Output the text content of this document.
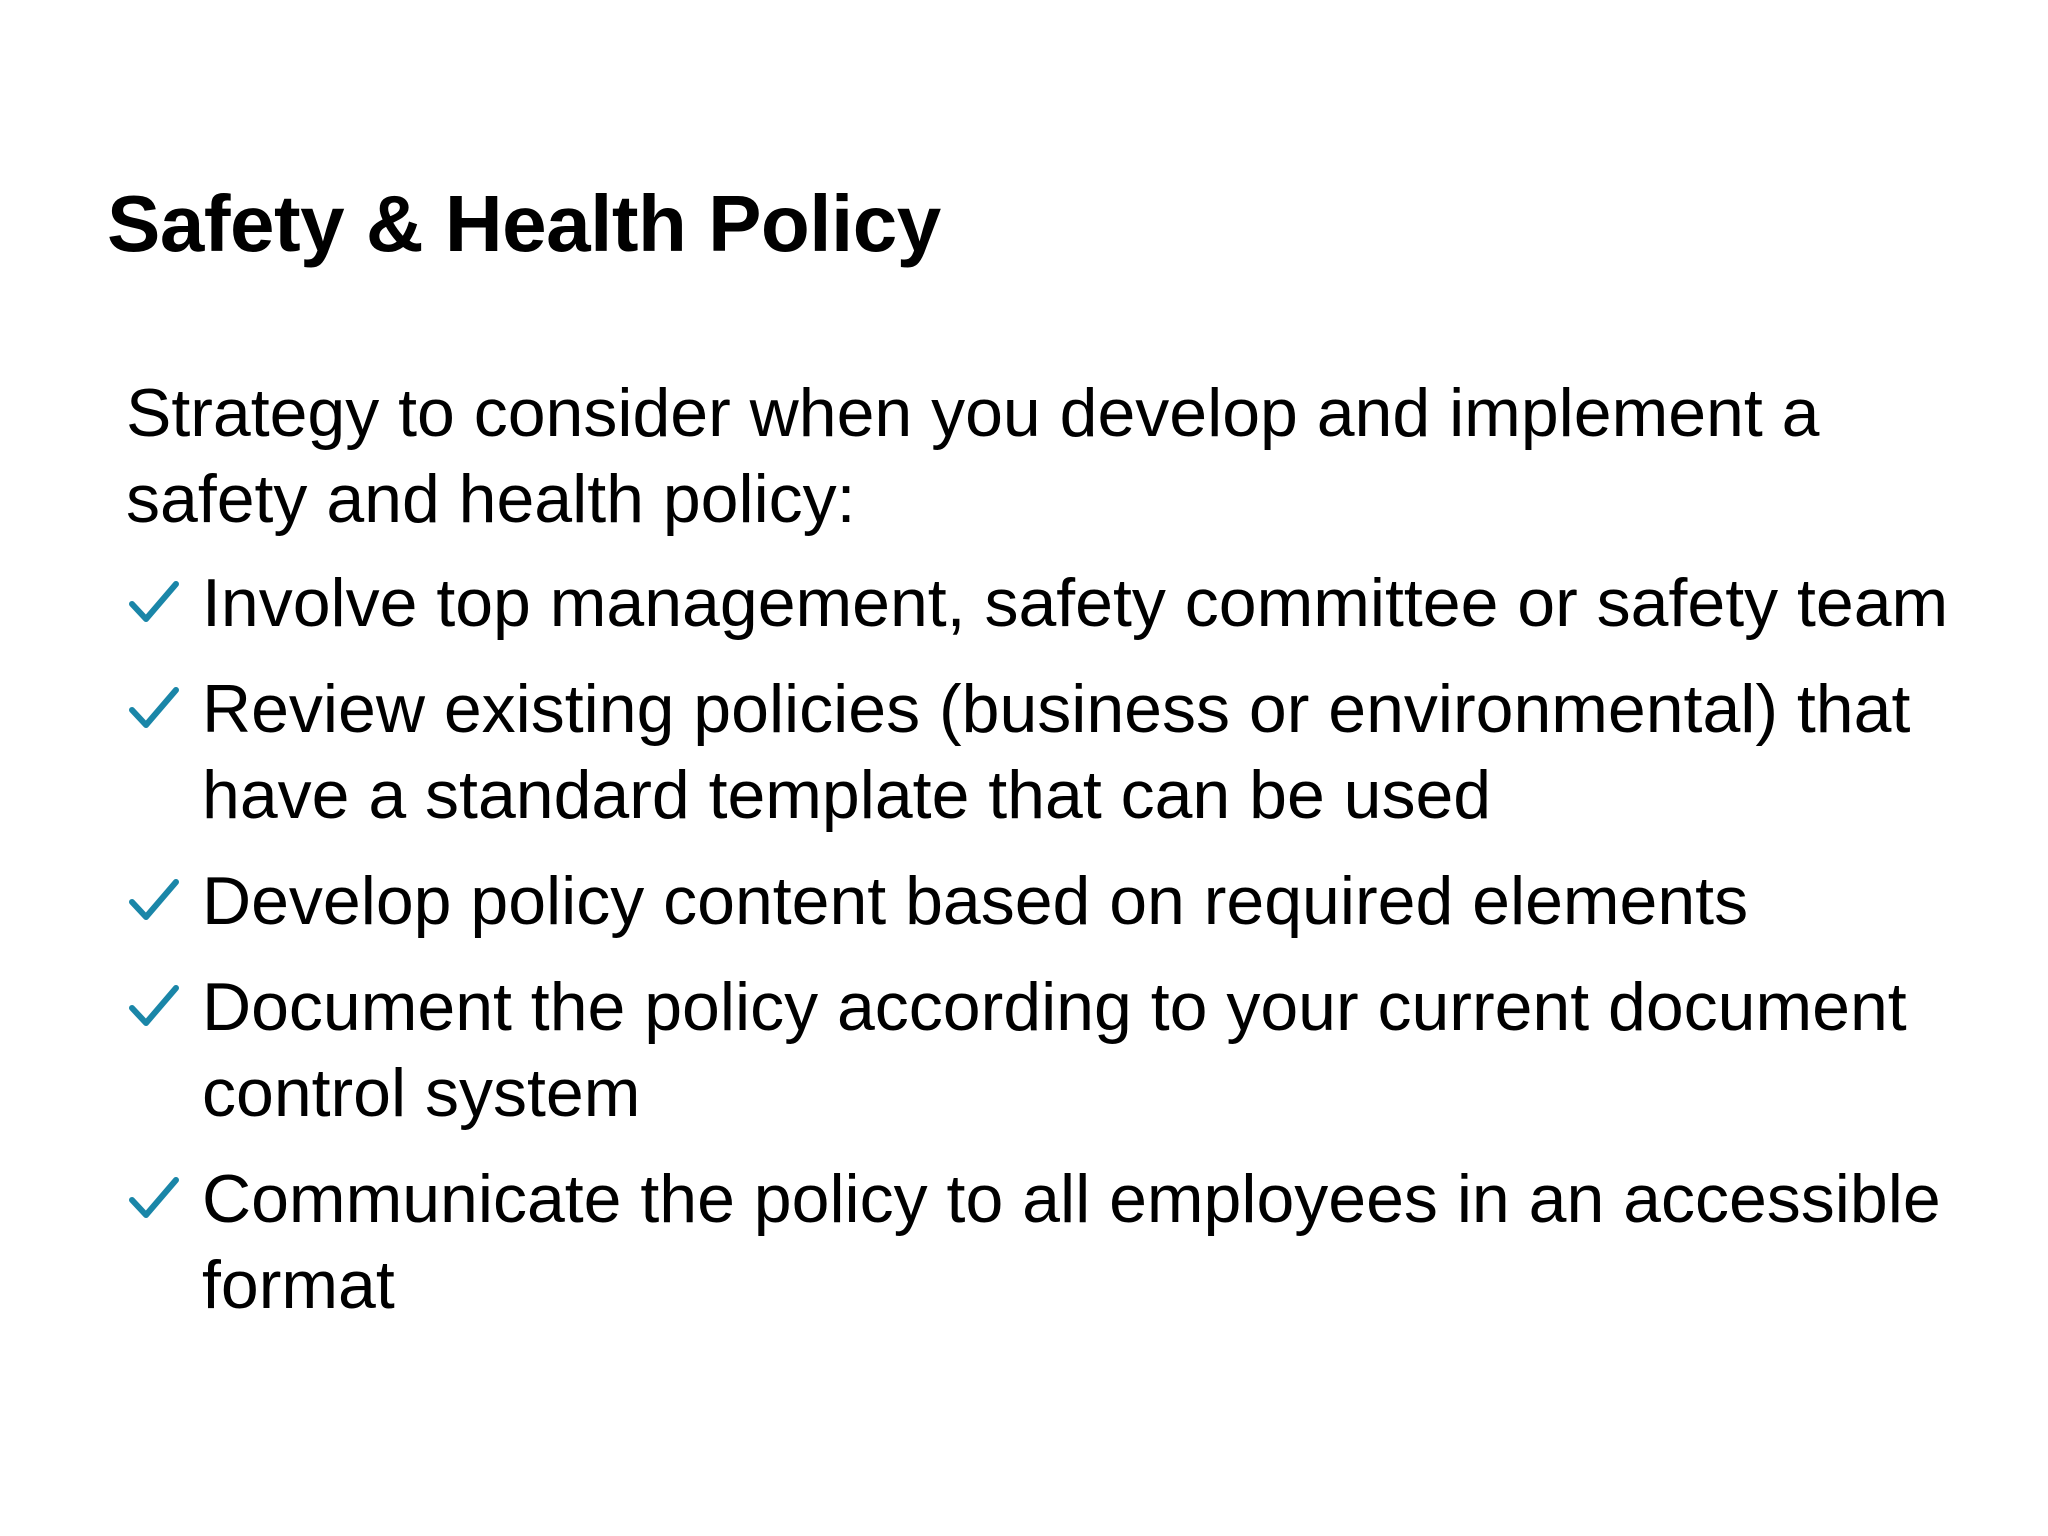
Safety & Health Policy
Strategy to consider when you develop and implement a safety and health policy:
Involve top management, safety committee or safety team
Review existing policies (business or environmental) that have a standard template that can be used
Develop policy content based on required elements
Document the policy according to your current document control system
Communicate the policy to all employees in an accessible format
